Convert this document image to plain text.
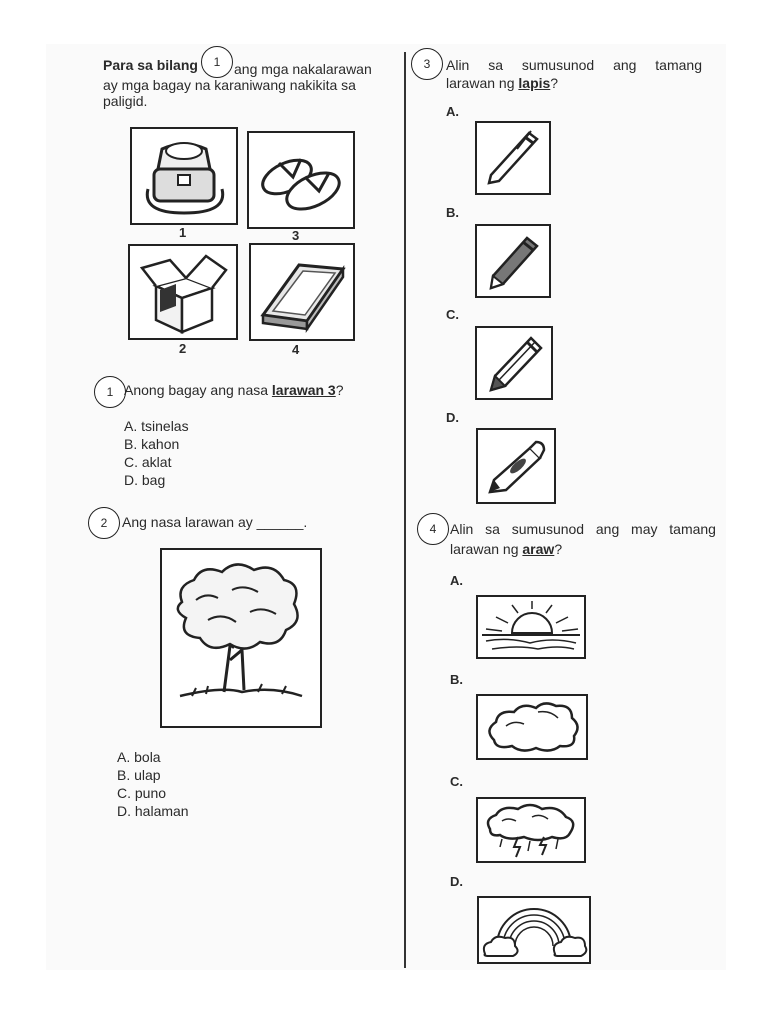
Para sa bilang	1 ang mga nakalarawan
ay mga bagay na karaniwang nakikita sa
paligid.
1	3
2	4
1 Anong bagay ang nasa larawan 3?
A. tsinelas
B. kahon
C. aklat
D. bag
2	Ang nasa larawan ay ______.
A. bola
B. ulap
C. puno
D. halaman
3	Alin sa sumusunod ang tamang
larawan ng lapis?
A.
B.
C.
D.
4 Alin sa sumusunod ang may tamang
larawan ng araw?
A.
B.
C.
D.
